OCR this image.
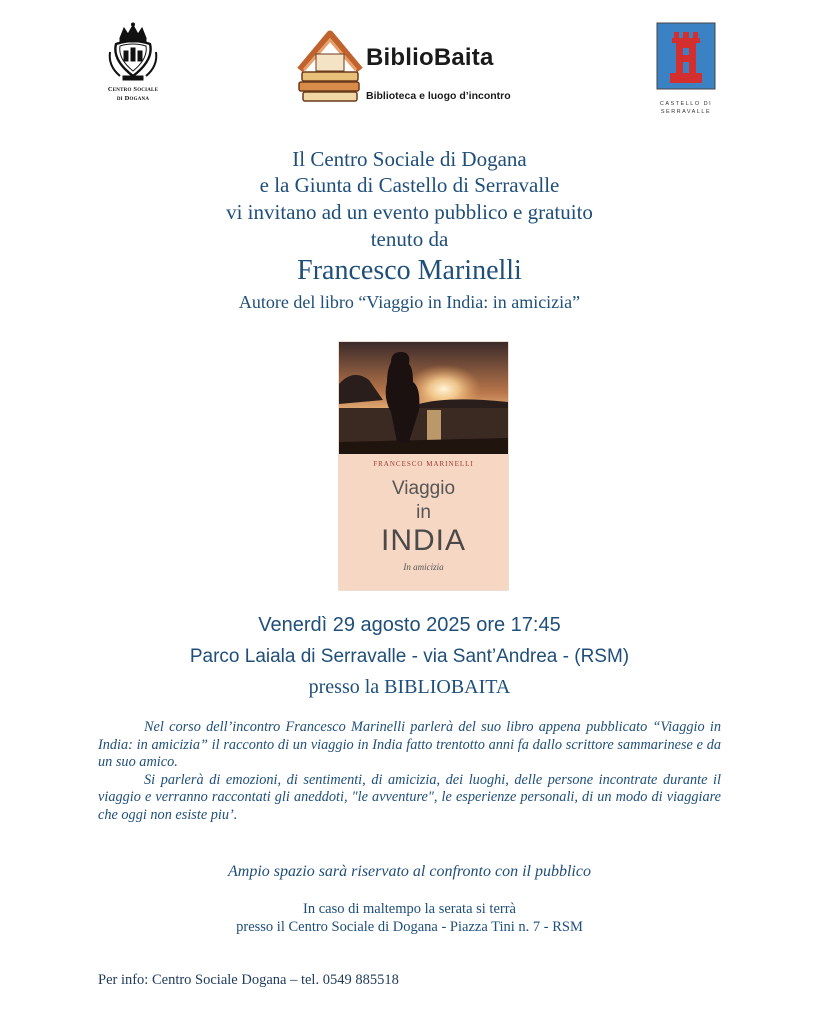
Centro Sociale
di Dogana
BiblioBaita
Biblioteca e luogo d’incontro
CASTELLO DI
SERRAVALLE
Il Centro Sociale di Dogana
e la Giunta di Castello di Serravalle
vi invitano ad un evento pubblico e gratuito
tenuto da
Francesco Marinelli
Autore del libro “Viaggio in India: in amicizia”
FRANCESCO MARINELLI
Viaggio
in
INDIA
In amicizia
Venerdì 29 agosto 2025 ore 17:45
Parco Laiala di Serravalle - via Sant’Andrea - (RSM)
presso la BIBLIOBAITA

Nel corso dell’incontro Francesco Marinelli parlerà del suo libro appena pubblicato “Viaggio in India: in amicizia” il racconto di un viaggio in India fatto trentotto anni fa dallo scrittore sammarinese e da un suo amico.

Si parlerà di emozioni, di sentimenti, di amicizia, dei luoghi, delle persone incontrate durante il viaggio e verranno raccontati gli aneddoti, "le avventure", le esperienze personali, di un modo di viaggiare che oggi non esiste piu’.

Ampio spazio sarà riservato al confronto con il pubblico
In caso di maltempo la serata si terrà
presso il Centro Sociale di Dogana - Piazza Tini n. 7 - RSM
Per info: Centro Sociale Dogana – tel. 0549 885518
